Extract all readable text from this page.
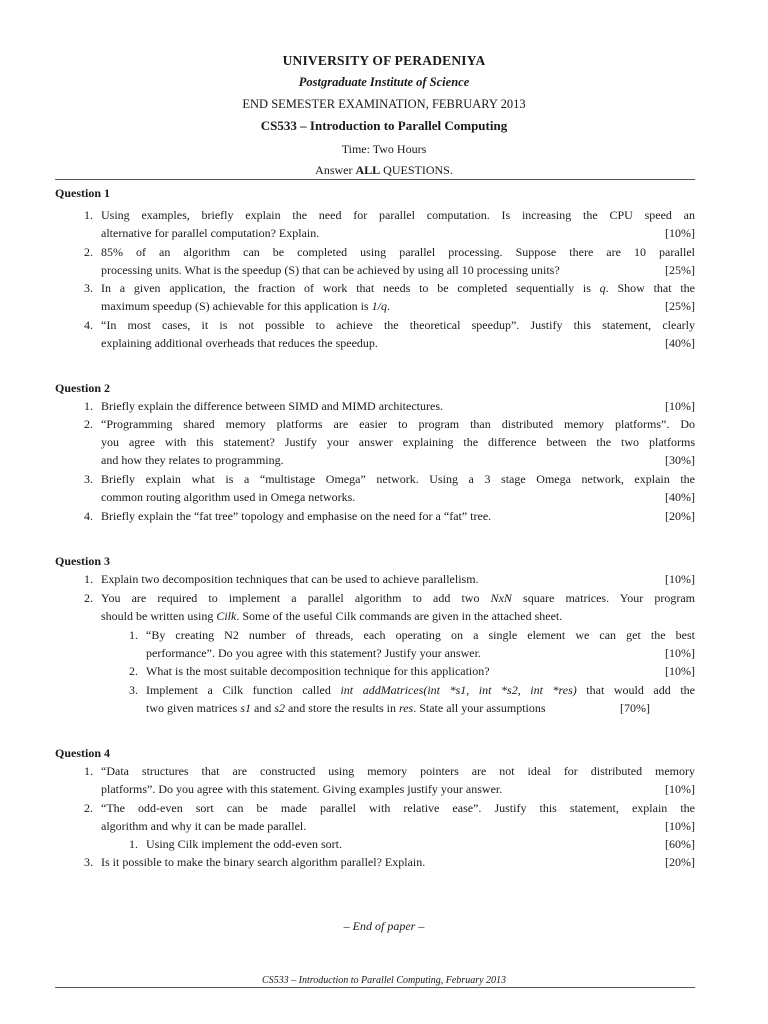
UNIVERSITY OF PERADENIYA
Postgraduate Institute of Science
END SEMESTER EXAMINATION, FEBRUARY 2013
CS533 – Introduction to Parallel Computing
Time: Two Hours
Answer ALL QUESTIONS.
Question 1
1. Using examples, briefly explain the need for parallel computation. Is increasing the CPU speed an
alternative for parallel computation? Explain.	[10%]
2. 85% of an algorithm can be completed using parallel processing. Suppose there are 10 parallel
processing units. What is the speedup (S) that can be achieved by using all 10 processing units?	[25%]
3. In a given application, the fraction of work that needs to be completed sequentially is q. Show that the
maximum speedup (S) achievable for this application is 1/q.	[25%]
4. “In most cases, it is not possible to achieve the theoretical speedup”. Justify this statement, clearly
explaining additional overheads that reduces the speedup.	[40%]
Question 2
1. Briefly explain the difference between SIMD and MIMD architectures.	[10%]
2. “Programming shared memory platforms are easier to program than distributed memory platforms”. Do
you agree with this statement? Justify your answer explaining the difference between the two platforms
and how they relates to programming.	[30%]
3. Briefly explain what is a “multistage Omega” network. Using a 3 stage Omega network, explain the
common routing algorithm used in Omega networks.	[40%]
4. Briefly explain the “fat tree” topology and emphasise on the need for a “fat” tree.	[20%]
Question 3
1. Explain two decomposition techniques that can be used to achieve parallelism.	[10%]
2. You are required to implement a parallel algorithm to add two NxN square matrices. Your program
should be written using Cilk. Some of the useful Cilk commands are given in the attached sheet.
1. “By creating N2 number of threads, each operating on a single element we can get the best
performance”. Do you agree with this statement? Justify your answer.	[10%]
2. What is the most suitable decomposition technique for this application?	[10%]
3. Implement a Cilk function called int addMatrices(int *s1, int *s2, int *res) that would add the
two given matrices s1 and s2 and store the results in res. State all your assumptions	[70%]
Question 4
1. “Data structures that are constructed using memory pointers are not ideal for distributed memory
platforms”. Do you agree with this statement. Giving examples justify your answer.	[10%]
2. “The odd-even sort can be made parallel with relative ease”. Justify this statement, explain the
algorithm and why it can be made parallel.	[10%]
1. Using Cilk implement the odd-even sort.	[60%]
3. Is it possible to make the binary search algorithm parallel? Explain.	[20%]
– End of paper –
CS533 – Introduction to Parallel Computing, February 2013
